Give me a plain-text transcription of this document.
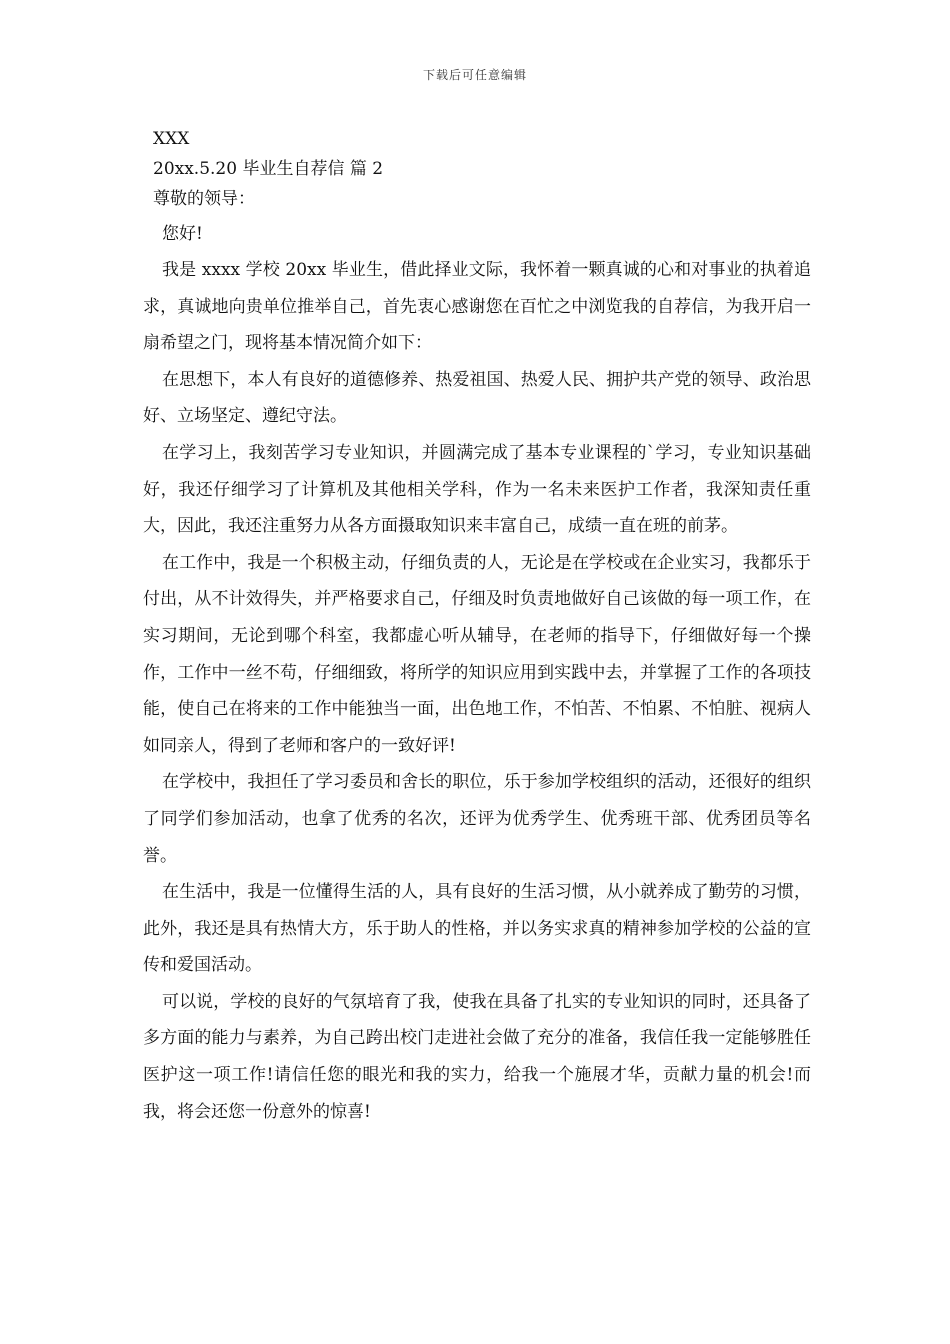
下载后可任意编辑
XXX
20xx.5.20 毕业生自荐信 篇 2
尊敬的领导：
您好!

我是 xxxx 学校 20xx 毕业生，借此择业文际，我怀着一颗真诚的心和对事业的执着追求，真诚地向贵单位推举自己，首先衷心感谢您在百忙之中浏览我的自荐信，为我开启一扇希望之门，现将基本情况简介如下：

在思想下，本人有良好的道德修养、热爱祖国、热爱人民、拥护共产党的领导、政治思好、立场坚定、遵纪守法。

在学习上，我刻苦学习专业知识，并圆满完成了基本专业课程的`学习，专业知识基础好，我还仔细学习了计算机及其他相关学科，作为一名未来医护工作者，我深知责任重大，因此，我还注重努力从各方面摄取知识来丰富自己，成绩一直在班的前茅。

在工作中，我是一个积极主动，仔细负责的人，无论是在学校或在企业实习，我都乐于付出，从不计效得失，并严格要求自己，仔细及时负责地做好自己该做的每一项工作，在实习期间，无论到哪个科室，我都虚心听从辅导，在老师的指导下，仔细做好每一个操作，工作中一丝不苟，仔细细致，将所学的知识应用到实践中去，并掌握了工作的各项技能，使自己在将来的工作中能独当一面，出色地工作，不怕苦、不怕累、不怕脏、视病人如同亲人，得到了老师和客户的一致好评!

在学校中，我担任了学习委员和舍长的职位，乐于参加学校组织的活动，还很好的组织了同学们参加活动，也拿了优秀的名次，还评为优秀学生、优秀班干部、优秀团员等名誉。

在生活中，我是一位懂得生活的人，具有良好的生活习惯，从小就养成了勤劳的习惯，此外，我还是具有热情大方，乐于助人的性格，并以务实求真的精神参加学校的公益的宣传和爱国活动。

可以说，学校的良好的气氛培育了我，使我在具备了扎实的专业知识的同时，还具备了多方面的能力与素养，为自己跨出校门走进社会做了充分的准备，我信任我一定能够胜任医护这一项工作!请信任您的眼光和我的实力，给我一个施展才华，贡献力量的机会!而我，将会还您一份意外的惊喜!
